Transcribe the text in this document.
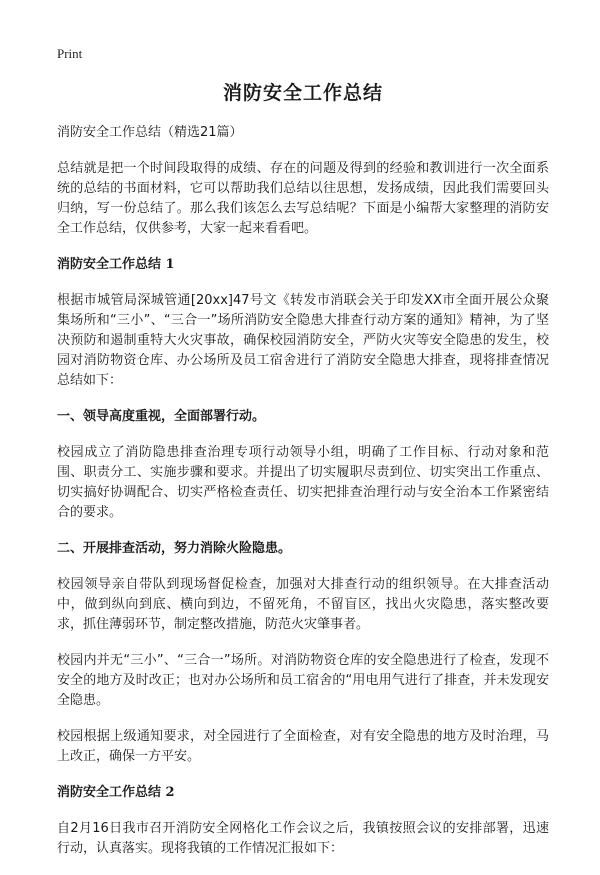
Print
消防安全工作总结
消防安全工作总结（精选21篇）

总结就是把一个时间段取得的成绩、存在的问题及得到的经验和教训进行一次全面系统的总结的书面材料，它可以帮助我们总结以往思想，发扬成绩，因此我们需要回头归纳，写一份总结了。那么我们该怎么去写总结呢？下面是小编帮大家整理的消防安全工作总结，仅供参考，大家一起来看看吧。

消防安全工作总结 1

根据市城管局深城管通[20xx]47号文《转发市消联会关于印发XX市全面开展公众聚集场所和“三小”、“三合一”场所消防安全隐患大排查行动方案的通知》精神，为了坚决预防和遏制重特大火灾事故，确保校园消防安全，严防火灾等安全隐患的发生，校园对消防物资仓库、办公场所及员工宿舍进行了消防安全隐患大排查，现将排查情况总结如下：

一、领导高度重视，全面部署行动。

校园成立了消防隐患排查治理专项行动领导小组，明确了工作目标、行动对象和范围、职责分工、实施步骤和要求。并提出了切实履职尽责到位、切实突出工作重点、切实搞好协调配合、切实严格检查责任、切实把排查治理行动与安全治本工作紧密结合的要求。

二、开展排查活动，努力消除火险隐患。

校园领导亲自带队到现场督促检查，加强对大排查行动的组织领导。在大排查活动中，做到纵向到底、横向到边，不留死角，不留盲区，找出火灾隐患，落实整改要求，抓住薄弱环节，制定整改措施，防范火灾肇事者。

校园内并无“三小”、“三合一”场所。对消防物资仓库的安全隐患进行了检查，发现不安全的地方及时改正；也对办公场所和员工宿舍的“用电用气进行了排查，并未发现安全隐患。

校园根据上级通知要求，对全园进行了全面检查，对有安全隐患的地方及时治理，马上改正，确保一方平安。

消防安全工作总结 2

自2月16日我市召开消防安全网格化工作会议之后，我镇按照会议的安排部署，迅速行动，认真落实。现将我镇的工作情况汇报如下：
